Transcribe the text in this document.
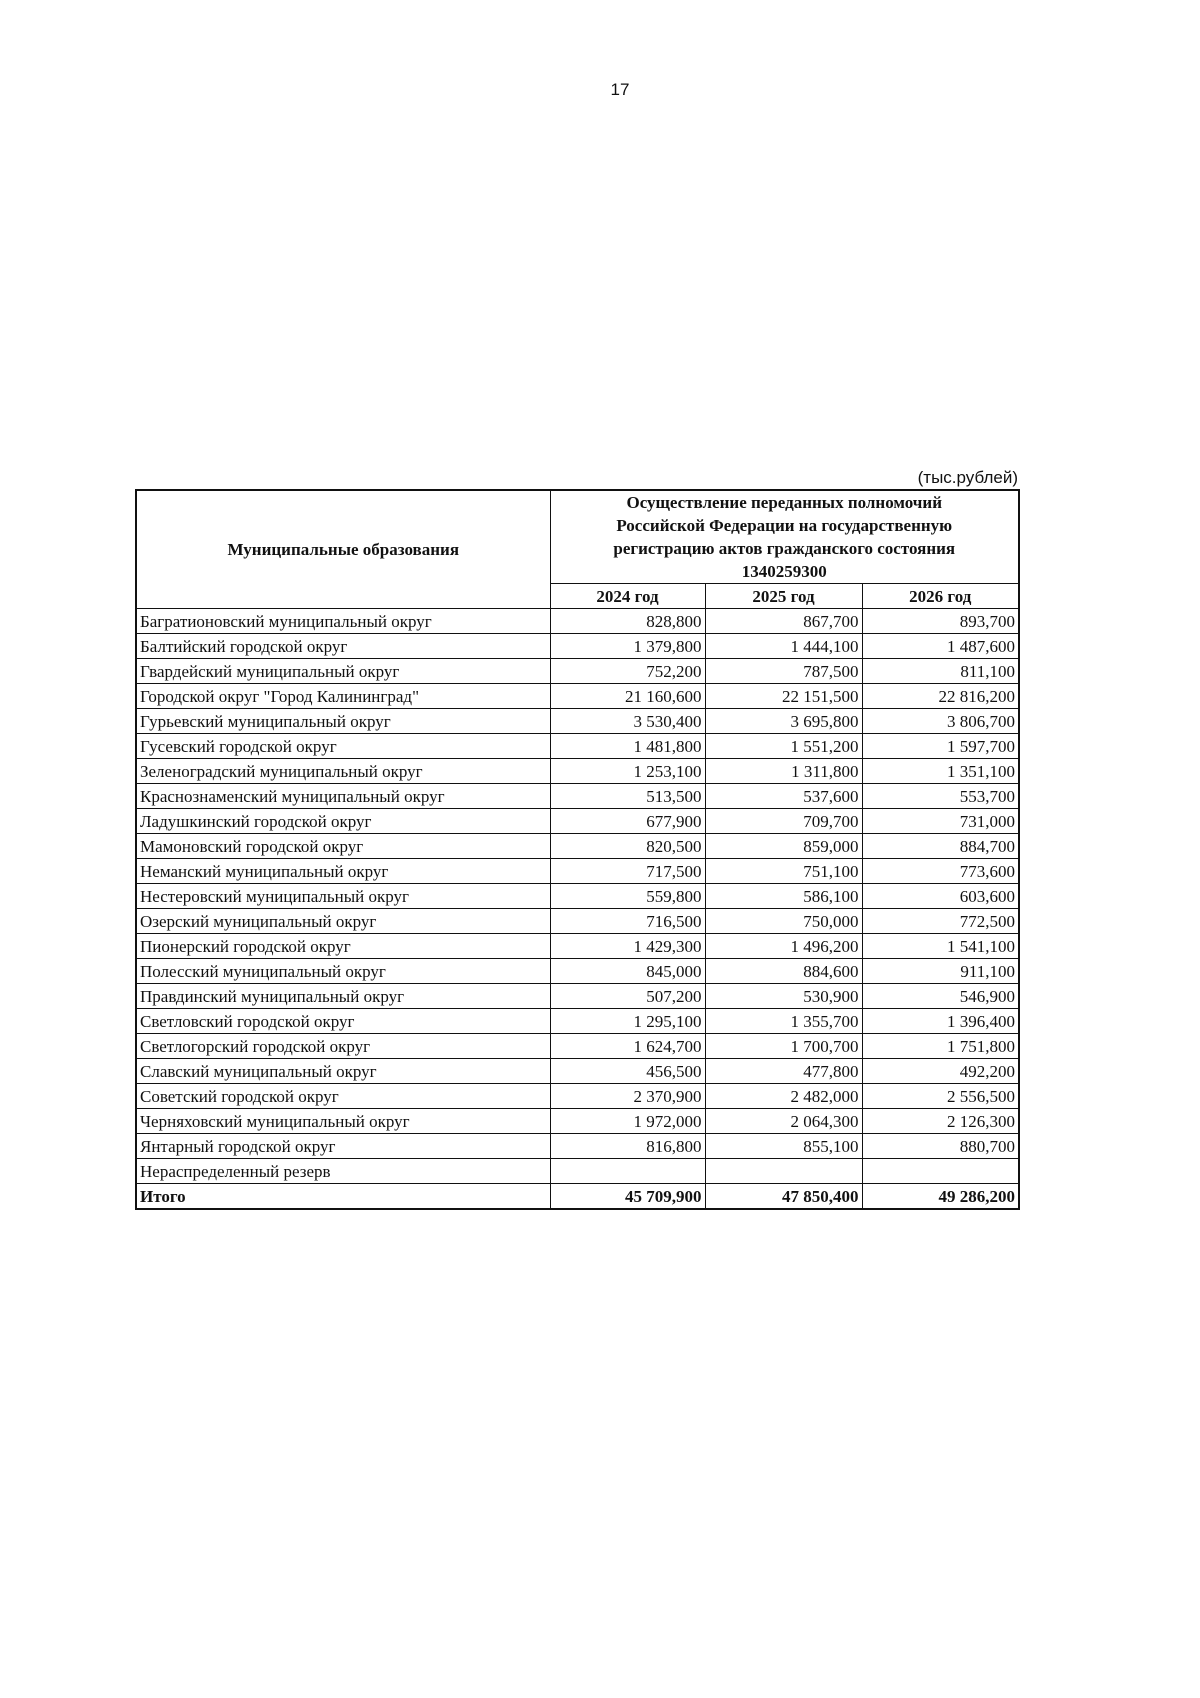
17
(тыс.рублей)
Муниципальные образования	Осуществление переданных полномочий
Российской Федерации на государственную
регистрацию актов гражданского состояния
1340259300		

	2024 год	2025 год	2026 год
Багратионовский муниципальный округ	828,800	867,700	893,700
Балтийский городской округ	1 379,800	1 444,100	1 487,600
Гвардейский муниципальный округ	752,200	787,500	811,100
Городской округ "Город Калининград"	21 160,600	22 151,500	22 816,200
Гурьевский муниципальный округ	3 530,400	3 695,800	3 806,700
Гусевский городской округ	1 481,800	1 551,200	1 597,700
Зеленоградский муниципальный округ	1 253,100	1 311,800	1 351,100
Краснознаменский муниципальный округ	513,500	537,600	553,700
Ладушкинский городской округ	677,900	709,700	731,000
Мамоновский городской округ	820,500	859,000	884,700
Неманский муниципальный округ	717,500	751,100	773,600
Нестеровский муниципальный округ	559,800	586,100	603,600
Озерский муниципальный округ	716,500	750,000	772,500
Пионерский городской округ	1 429,300	1 496,200	1 541,100
Полесский муниципальный округ	845,000	884,600	911,100
Правдинский муниципальный округ	507,200	530,900	546,900
Светловский городской округ	1 295,100	1 355,700	1 396,400
Светлогорский городской округ	1 624,700	1 700,700	1 751,800
Славский муниципальный округ	456,500	477,800	492,200
Советский городской округ	2 370,900	2 482,000	2 556,500
Черняховский муниципальный округ	1 972,000	2 064,300	2 126,300
Янтарный городской округ	816,800	855,100	880,700
Нераспределенный резерв			
Итого	45 709,900	47 850,400	49 286,200
